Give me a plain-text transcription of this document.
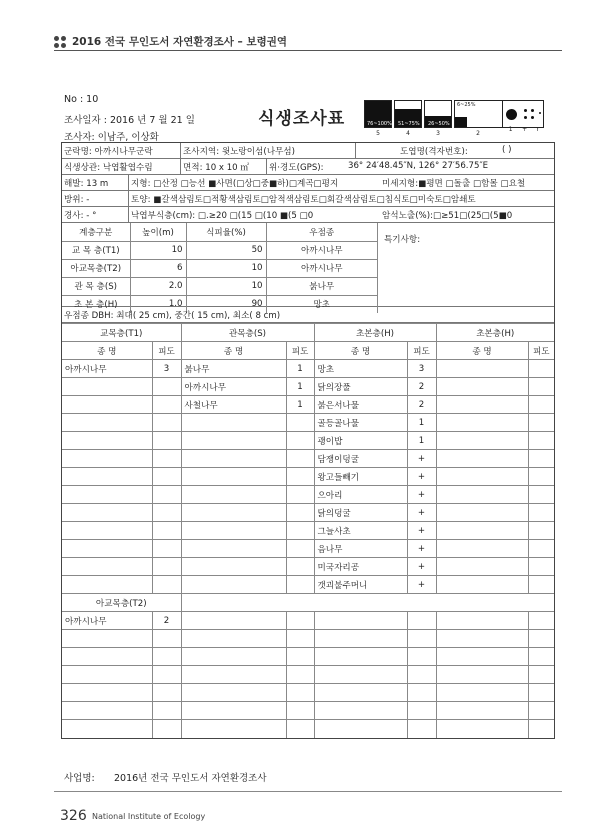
2016 전국 무인도서 자연환경조사 – 보령권역
No : 10
조사일자 : 2016 년 7 월 21 일
조사자: 이남주, 이상화
식생조사표	76~100%
5
51~75%
4
26~50%
3
6~25%
2
1 + r
군락명: 아까시나무군락	조사지역: 윗노랑이섬(나무섬)	도엽명(격자번호):	( )
식생상관: 낙엽활엽수림	면적: 10 x 10 ㎡ 위·경도(GPS):	36° 24′48.45″N, 126° 27′56.75″E
해발: 13 m	지형: □산정 □능선 ■사면(□상□중■하)□계곡□평지	미세지형:■평면 □돌출 □함몰 □요철
방위: -	토양: ■갈색삼림토□적황색삼림토□암적색삼림토□회갈색삼림토□침식토□미숙토□암쇄토
경사: - °	낙엽부식층(cm): □.≥20 □(15 □(10 ■(5 □0	암석노출(%):□≥51□(25□(5■0
계층구분	높이(m)	식피율(%)	우점종
교 목 층(T1)	10	50	아까시나무
아교목층(T2)	6	10	아까시나무
관 목 층(S)	2.0	10	붉나무
초 본 층(H)	1.0	90	망초
특기사항:
우점종 DBH: 최대( 25 cm), 중간( 15 cm), 최소( 8 cm)
교목층(T1)		관목층(S)		초본층(H)		초본층(H)	
종 명	피도	종 명	피도	종 명	피도	종 명	피도
아까시나무	3	붉나무	1	망초	3		
		아까시나무	1	닭의장풀	2		
		사철나무	1	붉은서나물	2		
				골등골나물	1		
				괭이밥	1		
				담쟁이덩굴	+		
				왕고들빼기	+		
				으아리	+		
				닭의덩굴	+		
				그늘사초	+		
				음나무	+		
				미국자리공	+		
				갯괴불주머니	+		
아교목층(T2)							
아까시나무	2						

사업명: 2016년 전국 무인도서 자연환경조사
326 National Institute of Ecology
